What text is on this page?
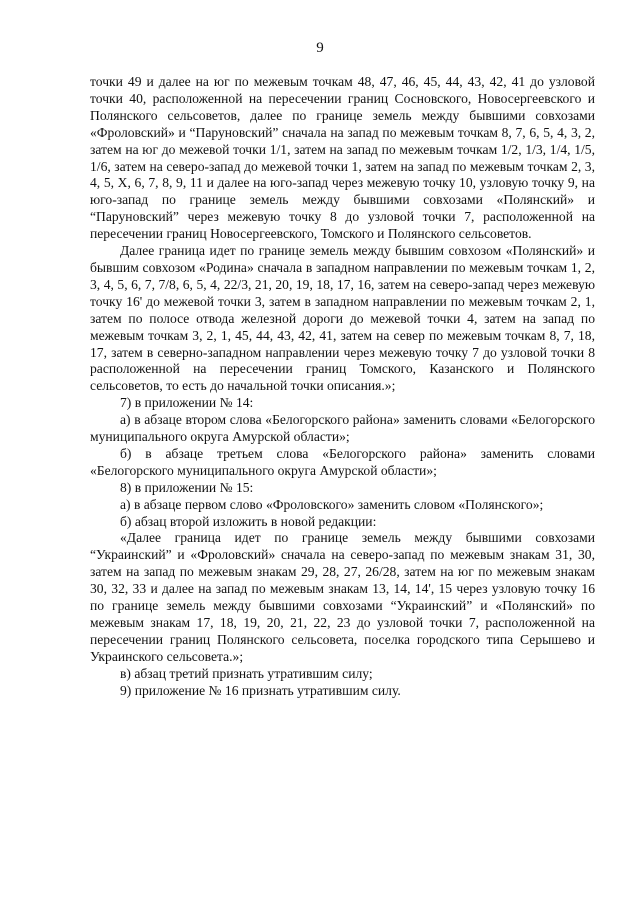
9

точки 49 и далее на юг по межевым точкам 48, 47, 46, 45, 44, 43, 42, 41 до узловой точки 40, расположенной на пересечении границ Сосновского, Новосергеевского и Полянского сельсоветов, далее по границе земель между бывшими совхозами «Фроловский» и “Паруновский” сначала на запад по межевым точкам 8, 7, 6, 5, 4, 3, 2, затем на юг до межевой точки 1/1, затем на запад по межевым точкам 1/2, 1/3, 1/4, 1/5, 1/6, затем на северо-запад до межевой точки 1, затем на запад по межевым точкам 2, 3, 4, 5, Х, 6, 7, 8, 9, 11 и далее на юго-запад через межевую точку 10, узловую точку 9, на юго-запад по границе земель между бывшими совхозами «Полянский» и “Паруновский” через межевую точку 8 до узловой точки 7, расположенной на пересечении границ Новосергеевского, Томского и Полянского сельсоветов.

Далее граница идет по границе земель между бывшим совхозом «Полянский» и бывшим совхозом «Родина» сначала в западном направлении по межевым точкам 1, 2, 3, 4, 5, 6, 7, 7/8, 6, 5, 4, 22/3, 21, 20, 19, 18, 17, 16, затем на северо-запад через межевую точку 16' до межевой точки 3, затем в западном направлении по межевым точкам 2, 1, затем по полосе отвода железной дороги до межевой точки 4, затем на запад по межевым точкам 3, 2, 1, 45, 44, 43, 42, 41, затем на север по межевым точкам 8, 7, 18, 17, затем в северно-западном направлении через межевую точку 7 до узловой точки 8 расположенной на пересечении границ Томского, Казанского и Полянского сельсоветов, то есть до начальной точки описания.»;

7) в приложении № 14:

а) в абзаце втором слова «Белогорского района» заменить словами «Белогорского муниципального округа Амурской области»;

б) в абзаце третьем слова «Белогорского района» заменить словами «Белогорского муниципального округа Амурской области»;

8) в приложении № 15:

а) в абзаце первом слово «Фроловского» заменить словом «Полянского»;

б) абзац второй изложить в новой редакции:

«Далее граница идет по границе земель между бывшими совхозами “Украинский” и «Фроловский» сначала на северо-запад по межевым знакам 31, 30, затем на запад по межевым знакам 29, 28, 27, 26/28, затем на юг по межевым знакам 30, 32, 33 и далее на запад по межевым знакам 13, 14, 14', 15 через узловую точку 16 по границе земель между бывшими совхозами “Украинский” и «Полянский» по межевым знакам 17, 18, 19, 20, 21, 22, 23 до узловой точки 7, расположенной на пересечении границ Полянского сельсовета, поселка городского типа Серышево и Украинского сельсовета.»;

в) абзац третий признать утратившим силу;

9) приложение № 16 признать утратившим силу.
